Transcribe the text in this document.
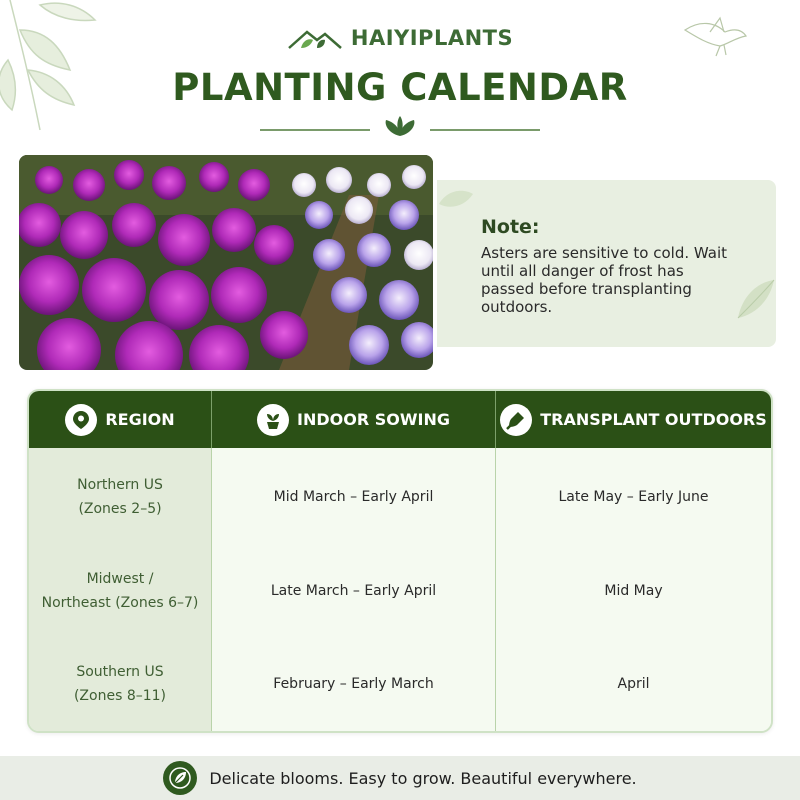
HAIYIPLANTS
PLANTING CALENDAR
Note:
Asters are sensitive to cold. Wait until all danger of frost has passed before transplanting outdoors.
REGION	INDOOR SOWING	TRANSPLANT OUTDOORS
Northern US
(Zones 2–5)
Mid March – Early April	Late May – Early June
Midwest /
Northeast (Zones 6–7)
Late March – Early April	Mid May
Southern US
(Zones 8–11)
February – Early March	April
Delicate blooms. Easy to grow. Beautiful everywhere.
